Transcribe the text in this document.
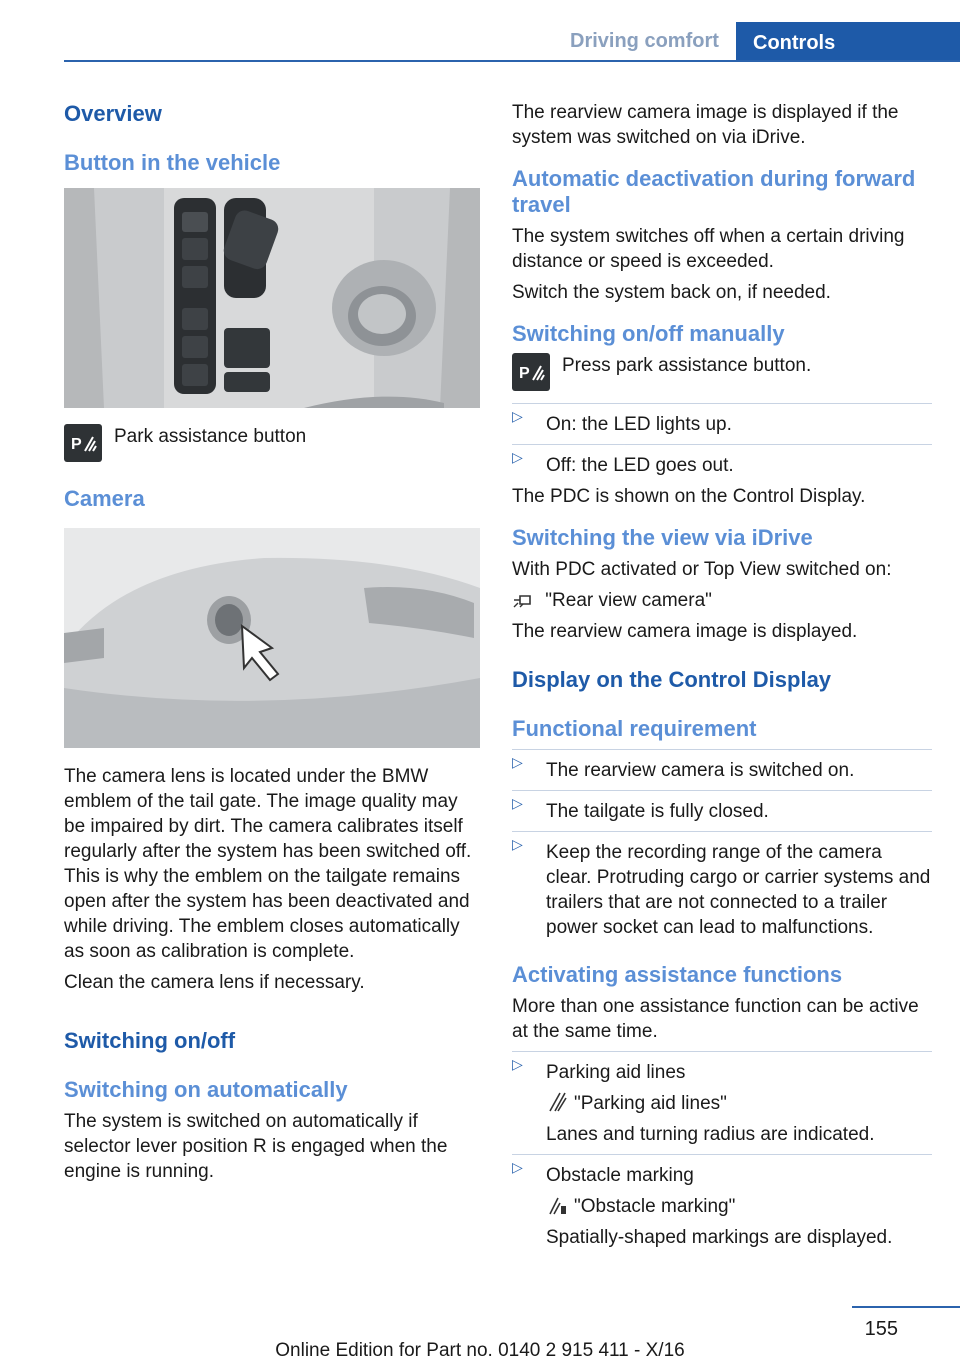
Driving comfort	Controls
Overview
Button in the vehicle
P Park assistance button

Camera

The camera lens is located under the BMW emblem of the tail gate. The image quality may be impaired by dirt. The camera calibrates itself regularly after the system has been switched off. This is why the emblem on the tailgate remains open after the system has been deactivated and while driving. The emblem closes automatically as soon as calibration is complete.

Clean the camera lens if necessary.

Switching on/off
Switching on automatically

The system is switched on automatically if selector lever position R is engaged when the engine is running.

The rearview camera image is displayed if the system was switched on via iDrive.

Automatic deactivation during forward travel

The system switches off when a certain driving distance or speed is exceeded.

Switch the system back on, if needed.

Switching on/off manually
P Press park assistance button.

▷ On: the LED lights up.
▷ Off: the LED goes out.

The PDC is shown on the Control Display.

Switching the view via iDrive

With PDC activated or Top View switched on:

"Rear view camera"

The rearview camera image is displayed.

Display on the Control Display
Functional requirement
▷ The rearview camera is switched on.
▷ The tailgate is fully closed.
▷ Keep the recording range of the camera clear. Protruding cargo or carrier systems and trailers that are not connected to a trailer power socket can lead to malfunctions.
Activating assistance functions

More than one assistance function can be active at the same time.

▷ Parking aid lines

"Parking aid lines"

Lanes and turning radius are indicated.

▷ Obstacle marking

"Obstacle marking"

Spatially-shaped markings are displayed.

155
Online Edition for Part no. 0140 2 915 411 - X/16
